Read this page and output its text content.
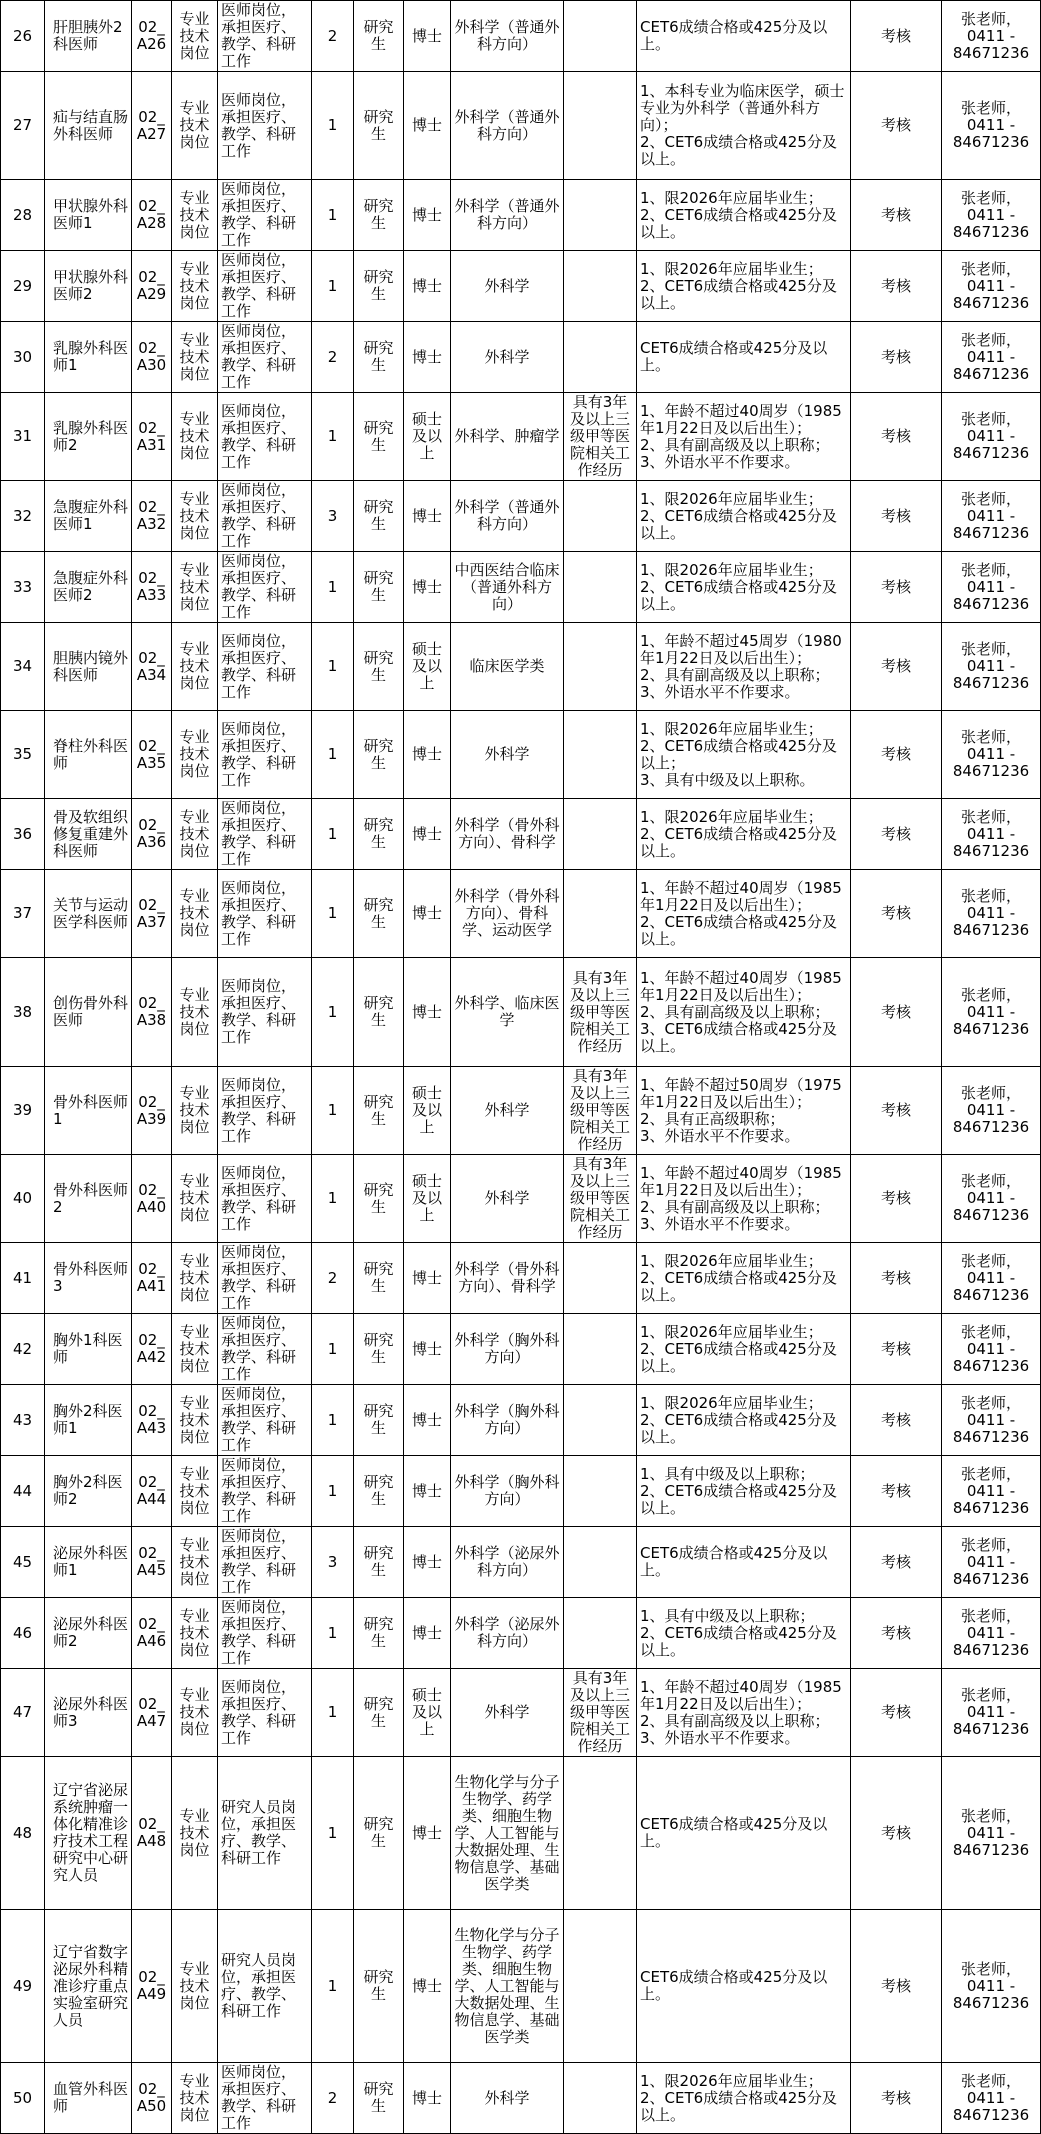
26	肝胆胰外2科医师	02_A26	专业技术岗位	医师岗位，承担医疗、教学、科研工作	2	研究生	博士	外科学（普通外科方向）		CET6成绩合格或425分及以上。	考核	张老师，
0411 -
84671236

27	疝与结直肠外科医师	02_A27	专业技术岗位	医师岗位，承担医疗、教学、科研工作	1	研究生	博士	外科学（普通外科方向）		1、本科专业为临床医学，硕士专业为外科学（普通外科方向）；
2、CET6成绩合格或425分及以上。	考核	张老师，
0411 -
84671236

28	甲状腺外科医师1	02_A28	专业技术岗位	医师岗位，承担医疗、教学、科研工作	1	研究生	博士	外科学（普通外科方向）		1、限2026年应届毕业生；
2、CET6成绩合格或425分及以上。	考核	张老师，
0411 -
84671236

29	甲状腺外科医师2	02_A29	专业技术岗位	医师岗位，承担医疗、教学、科研工作	1	研究生	博士	外科学		1、限2026年应届毕业生；
2、CET6成绩合格或425分及以上。	考核	张老师，
0411 -
84671236

30	乳腺外科医师1	02_A30	专业技术岗位	医师岗位，承担医疗、教学、科研工作	2	研究生	博士	外科学		CET6成绩合格或425分及以上。	考核	张老师，
0411 -
84671236

31	乳腺外科医师2	02_A31	专业技术岗位	医师岗位，承担医疗、教学、科研工作	1	研究生	硕士及以上	外科学、肿瘤学	具有3年及以上三级甲等医院相关工作经历	1、年龄不超过40周岁（1985年1月22日及以后出生）；
2、具有副高级及以上职称；
3、外语水平不作要求。	考核	张老师，
0411 -
84671236

32	急腹症外科医师1	02_A32	专业技术岗位	医师岗位，承担医疗、教学、科研工作	3	研究生	博士	外科学（普通外科方向）		1、限2026年应届毕业生；
2、CET6成绩合格或425分及以上。	考核	张老师，
0411 -
84671236

33	急腹症外科医师2	02_A33	专业技术岗位	医师岗位，承担医疗、教学、科研工作	1	研究生	博士	中西医结合临床（普通外科方向）		1、限2026年应届毕业生；
2、CET6成绩合格或425分及以上。	考核	张老师，
0411 -
84671236

34	胆胰内镜外科医师	02_A34	专业技术岗位	医师岗位，承担医疗、教学、科研工作	1	研究生	硕士及以上	临床医学类		1、年龄不超过45周岁（1980年1月22日及以后出生）；
2、具有副高级及以上职称；
3、外语水平不作要求。	考核	张老师，
0411 -
84671236

35	脊柱外科医师	02_A35	专业技术岗位	医师岗位，承担医疗、教学、科研工作	1	研究生	博士	外科学		1、限2026年应届毕业生；
2、CET6成绩合格或425分及以上；
3、具有中级及以上职称。	考核	张老师，
0411 -
84671236

36	骨及软组织修复重建外科医师	02_A36	专业技术岗位	医师岗位，承担医疗、教学、科研工作	1	研究生	博士	外科学（骨外科方向）、骨科学		1、限2026年应届毕业生；
2、CET6成绩合格或425分及以上。	考核	张老师，
0411 -
84671236

37	关节与运动医学科医师	02_A37	专业技术岗位	医师岗位，承担医疗、教学、科研工作	1	研究生	博士	外科学（骨外科方向）、骨科学、运动医学		1、年龄不超过40周岁（1985年1月22日及以后出生）；
2、CET6成绩合格或425分及以上。	考核	张老师，
0411 -
84671236

38	创伤骨外科医师	02_A38	专业技术岗位	医师岗位，承担医疗、教学、科研工作	1	研究生	博士	外科学、临床医学	具有3年及以上三级甲等医院相关工作经历	1、年龄不超过40周岁（1985年1月22日及以后出生）；
2、具有副高级及以上职称；
3、CET6成绩合格或425分及以上。	考核	张老师，
0411 -
84671236

39	骨外科医师1	02_A39	专业技术岗位	医师岗位，承担医疗、教学、科研工作	1	研究生	硕士及以上	外科学	具有3年及以上三级甲等医院相关工作经历	1、年龄不超过50周岁（1975年1月22日及以后出生）；
2、具有正高级职称；
3、外语水平不作要求。	考核	张老师，
0411 -
84671236

40	骨外科医师2	02_A40	专业技术岗位	医师岗位，承担医疗、教学、科研工作	1	研究生	硕士及以上	外科学	具有3年及以上三级甲等医院相关工作经历	1、年龄不超过40周岁（1985年1月22日及以后出生）；
2、具有副高级及以上职称；
3、外语水平不作要求。	考核	张老师，
0411 -
84671236

41	骨外科医师3	02_A41	专业技术岗位	医师岗位，承担医疗、教学、科研工作	2	研究生	博士	外科学（骨外科方向）、骨科学		1、限2026年应届毕业生；
2、CET6成绩合格或425分及以上。	考核	张老师，
0411 -
84671236

42	胸外1科医师	02_A42	专业技术岗位	医师岗位，承担医疗、教学、科研工作	1	研究生	博士	外科学（胸外科方向）		1、限2026年应届毕业生；
2、CET6成绩合格或425分及以上。	考核	张老师，
0411 -
84671236

43	胸外2科医师1	02_A43	专业技术岗位	医师岗位，承担医疗、教学、科研工作	1	研究生	博士	外科学（胸外科方向）		1、限2026年应届毕业生；
2、CET6成绩合格或425分及以上。	考核	张老师，
0411 -
84671236

44	胸外2科医师2	02_A44	专业技术岗位	医师岗位，承担医疗、教学、科研工作	1	研究生	博士	外科学（胸外科方向）		1、具有中级及以上职称；
2、CET6成绩合格或425分及以上。	考核	张老师，
0411 -
84671236

45	泌尿外科医师1	02_A45	专业技术岗位	医师岗位，承担医疗、教学、科研工作	3	研究生	博士	外科学（泌尿外科方向）		CET6成绩合格或425分及以上。	考核	张老师，
0411 -
84671236

46	泌尿外科医师2	02_A46	专业技术岗位	医师岗位，承担医疗、教学、科研工作	1	研究生	博士	外科学（泌尿外科方向）		1、具有中级及以上职称；
2、CET6成绩合格或425分及以上。	考核	张老师，
0411 -
84671236

47	泌尿外科医师3	02_A47	专业技术岗位	医师岗位，承担医疗、教学、科研工作	1	研究生	硕士及以上	外科学	具有3年及以上三级甲等医院相关工作经历	1、年龄不超过40周岁（1985年1月22日及以后出生）；
2、具有副高级及以上职称；
3、外语水平不作要求。	考核	张老师，
0411 -
84671236

48	辽宁省泌尿系统肿瘤一体化精准诊疗技术工程研究中心研究人员	02_A48	专业技术岗位	研究人员岗位，承担医疗、教学、科研工作	1	研究生	博士	生物化学与分子生物学、药学类、细胞生物学、人工智能与大数据处理、生物信息学、基础医学类		CET6成绩合格或425分及以上。	考核	张老师，
0411 -
84671236

49	辽宁省数字泌尿外科精准诊疗重点实验室研究人员	02_A49	专业技术岗位	研究人员岗位，承担医疗、教学、科研工作	1	研究生	博士	生物化学与分子生物学、药学类、细胞生物学、人工智能与大数据处理、生物信息学、基础医学类		CET6成绩合格或425分及以上。	考核	张老师，
0411 -
84671236

50	血管外科医师	02_A50	专业技术岗位	医师岗位，承担医疗、教学、科研工作	2	研究生	博士	外科学		1、限2026年应届毕业生；
2、CET6成绩合格或425分及以上。	考核	张老师，
0411 -
84671236
